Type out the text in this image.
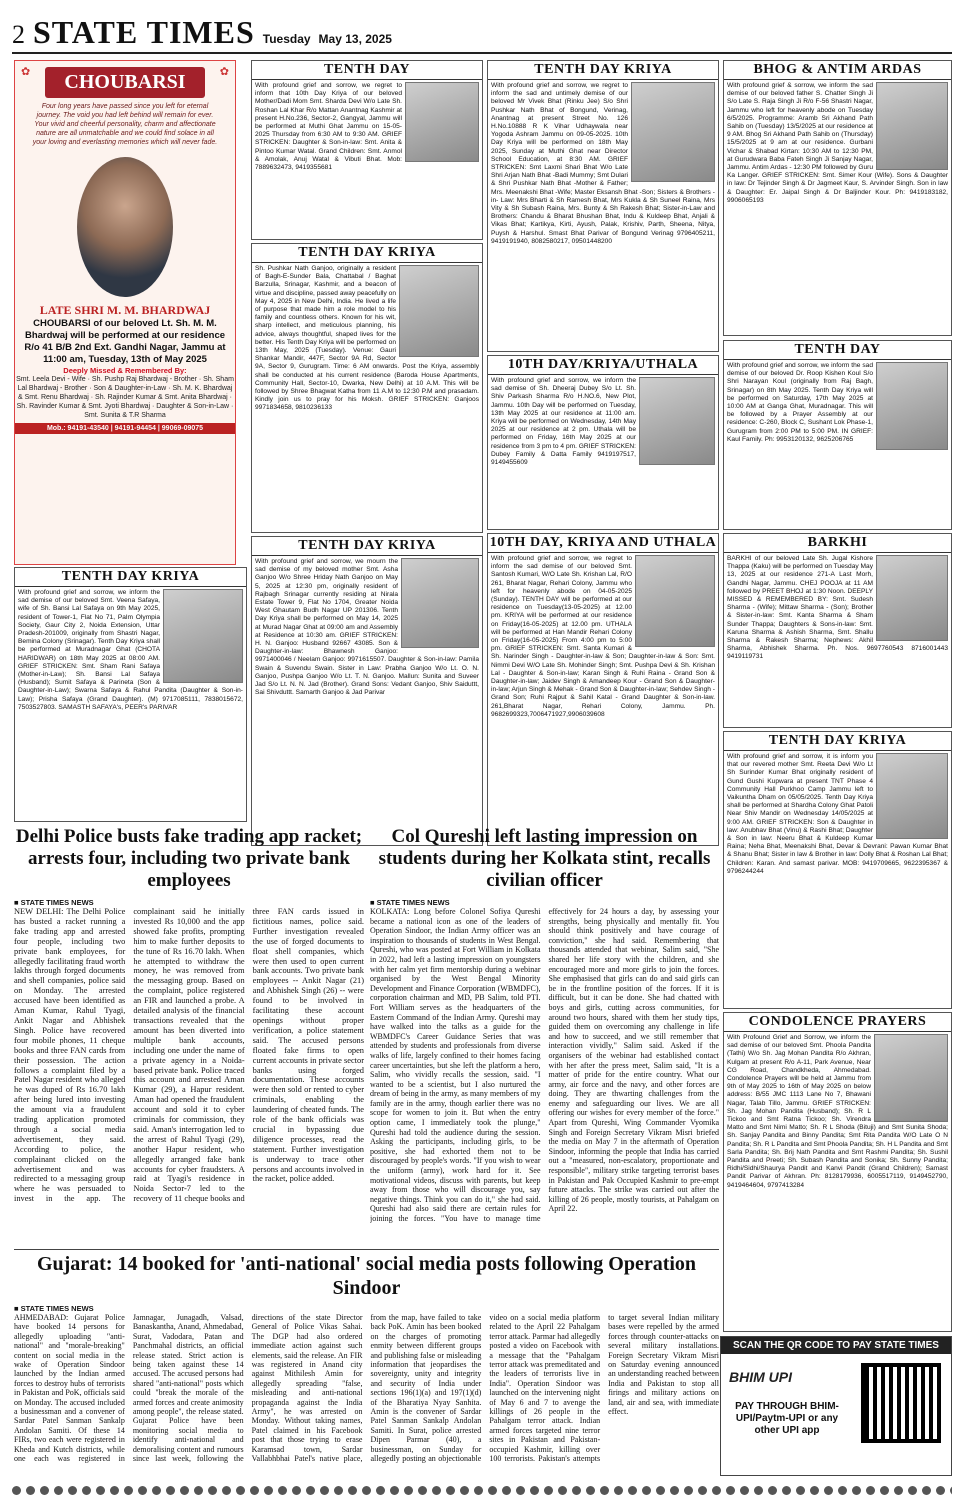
2 STATE TIMES Tuesday May 13, 2025
✿	✿
CHOUBARSI
Four long years have passed since you left for eternal journey. The void you had left behind will remain for ever. Your vivid and cheerful personality, charm and affectionate nature are all unmatchable and we could find solace in all your loving and everlasting memories which will never fade.
LATE SHRI M. M. BHARDWAJ
CHOUBARSI of our beloved Lt. Sh. M. M. Bhardwaj will be performed at our residence R/o 41 B/B 2nd Ext. Gandhi Nagar, Jammu at 11:00 am, Tuesday, 13th of May 2025
Deeply Missed & Remembered By:
Smt. Leela Devi - Wife · Sh. Pushp Raj Bhardwaj - Brother · Sh. Sham Lal Bhardwaj - Brother · Son & Daughter-in-Law · Sh. M. K. Bhardwaj & Smt. Renu Bhardwaj · Sh. Rajinder Kumar & Smt. Anita Bhardwaj · Sh. Ravinder Kumar & Smt. Jyoti Bhardwaj · Daughter & Son-in-Law · Smt. Sunita & T.R Sharma
Mob.: 94191-43540 | 94191-94454 | 99069-09075
TENTH DAY
With profound grief and sorrow, we regret to inform that 10th Day Kriya of our beloved Mother/Dadi Mom Smt. Sharda Devi W/o Late Sh. Roshan Lal Khar R/o Mattan Anantnag Kashmir at present H.No.236, Sector-2, Gangyal, Jammu will be performed at Muthi Ghat Jammu on 15-05-2025 Thursday from 6:30 AM to 9:30 AM. GRIEF STRICKEN: Daughter & Son-in-law: Smt. Anita & Pintoo Kumar Watal. Grand Children: Smt. Anmol & Amolak, Anuj Watal & Vibuti Bhat. Mob: 7889632473, 9419355681
TENTH DAY KRIYA
Sh. Pushkar Nath Ganjoo, originally a resident of Bagh-E-Sunder Bala, Chattabal / Baghat Barzulla, Srinagar, Kashmir, and a beacon of virtue and discipline, passed away peacefully on May 4, 2025 in New Delhi, India. He lived a life of purpose that made him a role model to his family and countless others. Known for his wit, sharp intellect, and meticulous planning, his advice, always thoughtful, shaped lives for the better. His Tenth Day Kriya will be performed on 13th May, 2025 (Tuesday). Venue: Gauri Shankar Mandir, 447F, Sector 9A Rd, Sector 9A, Sector 9, Gurugram. Time: 6 AM onwards. Post the Kriya, assembly shall be conducted at his current residence (Baroda House Apartments, Community Hall, Sector-10, Dwarka, New Delhi) at 10 A.M. This will be followed by Shree Bhagwat Katha from 11 A.M to 12:30 P.M and prasadam. Kindly join us to pray for his Moksh. GRIEF STRICKEN: Ganjoos 9971834658, 9810236133
TENTH DAY KRIYA
With profound grief and sorrow, we mourn the sad demise of my beloved mother Smt. Asha Ganjoo W/o Shree Hriday Nath Ganjoo on May 5, 2025 at 12:30 pm, originally resident of Rajbagh Srinagar currently residing at Nirala Estate Tower 9, Flat No 1704, Greater Noida West Ghautam Budh Nagar UP 201306. Tenth Day Kriya shall be performed on May 14, 2025 at Murad Nagar Ghat at 09:00 am and Assembly at Residence at 10:30 am. GRIEF STRICKEN: H. N. Ganjoo: Husband 92667 43085. Son & Daughter-in-law: Bhawnesh Ganjoo: 9971400046 / Neelam Ganjoo: 9971615507. Daughter & Son-in-law: Pamila Swain & Suvendu Swain. Sister in Law: Prabha Ganjoo W/o Lt. O. N. Ganjoo, Pushpa Ganjoo W/o Lt. T. N. Ganjoo. Mallun: Sunita and Suveer Jad S/o Lt. N. N. Jad (Brother). Grand Sons: Vedant Ganjoo, Shiv Saiduttt, Sai Shivduttt. Samarth Ganjoo & Jad Parivar
TENTH DAY KRIYA
With profound grief and sorrow, we regret to inform the sad and untimely demise of our beloved Mr Vivek Bhat (Rinku Jee) S/o Shri Pushkar Nath Bhat of Bongund, Verinag, Anantnag at present Street No. 126 H.No.10888 R K Vihar Udhaywala near Yogoda Ashram Jammu on 09-05-2025. 10th Day Kriya will be performed on 18th May 2025, Sunday at Muthi Ghat near Director School Education, at 8:30 AM. GRIEF STRICKEN: Smt Laxmi Shari Bhat W/o Late Shri Arjan Nath Bhat -Badi Mummy; Smt Dulari & Shri Pushkar Nath Bhat -Mother & Father; Mrs. Meenakshi Bhat -Wife; Master Eksansh Bhat -Son; Sisters & Brothers -in- Law: Mrs Bharti & Sh Ramesh Bhat, Mrs Kukla & Sh Suneel Raina, Mrs Vity & Sh Subash Raina, Mrs. Bunty & Sh Rakesh Bhat; Sister-in-Law and Brothers: Chandu & Bharat Bhushan Bhat, Indu & Kuldeep Bhat, Anjali & Vikas Bhat; Kartikya, Kirti, Ayush, Palak, Krishiv, Parth, Sheena, Nitya, Puysh & Harshul. Smast Bhat Parivar of Bongund Verinag 9796405211, 9419191940, 8082580217, 09501448200
10TH DAY/KRIYA/UTHALA
With profound grief and sorrow, we inform the sad demise of Sh. Dheeraj Dubey S/o Lt. Sh. Shiv Parkash Sharma R/o H.NO.6, New Plot, Jammu. 10th Day will be performed on Tuesday, 13th May 2025 at our residence at 11:00 am. Kriya will be performed on Wednesday, 14th May 2025 at our residence at 2 pm. Uthala will be performed on Friday, 16th May 2025 at our residence from 3 pm to 4 pm. GRIEF STRICKEN: Dubey Family & Datta Family 9419197517, 9149455609
10TH DAY, KRIYA AND UTHALA
With profound grief and sorrow, we regret to inform the sad demise of our beloved Smt. Santosh Kumari, W/O Late Sh. Krishan Lal, R/O 261, Bharat Nagar, Rehari Colony, Jammu who left for heavenly abode on 04-05-2025 (Sunday). TENTH DAY will be performed at our residence on Tuesday(13-05-2025) at 12.00 pm. KRIYA will be performed at our residence on Friday(16-05-2025) at 12.00 pm. UTHALA will be performed at Han Mandir Rehari Colony on Friday(16-05-2025) From 4:00 pm to 5:00 pm. GRIEF STRICKEN: Smt. Santa Kumari & Sh. Narinder Singh - Daughter-in-law & Son; Daughter-in-law & Son: Smt. Nimmi Devi W/O Late Sh. Mohinder Singh; Smt. Pushpa Devi & Sh. Krishan Lal - Daughter & Son-in-law; Karan Singh & Ruhi Raina - Grand Son & Daughter-in-law; Jaidev Singh & Amandeep Kour - Grand Son & Daughter-in-law; Arjun Singh & Mehak - Grand Son & Daughter-in-law; Sehdev Singh - Grand Son; Ruhi Rajput & Sahil Katal - Grand Daughter & Son-in-law. 261,Bharat Nagar, Rehari Colony, Jammu. Ph. 9682699323,7006471927,9906039608
BHOG & ANTIM ARDAS
With profound grief & sorrow, we inform the sad demise of our beloved father S. Chatter Singh Ji S/o Late S. Raja Singh Ji R/o F-56 Shastri Nagar, Jammu who left for heavenly abode on Tuesday 6/5/2025. Programme: Aramb Sri Akhand Path Sahib on (Tuesday) 13/5/2025 at our residence at 9 AM. Bhog Sri Akhand Path Sahib on (Thursday) 15/5/2025 at 9 am at our residence. Gurbani Vichar & Shabad Kirtan: 10:30 AM to 12:30 PM, at Gurudwara Baba Fateh Singh Ji Sanjay Nagar, Jammu. Antim Ardas - 12:30 PM followed by Guru Ka Langer. GRIEF STRICKEN: Smt. Simer Kour (Wife). Sons & Daughter in law: Dr Tejinder Singh & Dr Jagmeet Kaur, S. Arvinder Singh. Son in law & Daughter: Er. Jaipal Singh & Dr Baljinder Kour. Ph: 9419183182, 9906065193
TENTH DAY
With profound grief and sorrow, we inform the sad demise of our beloved Dr. Roop Kishen Koul S/o Shri Narayan Koul (originally from Raj Bagh, Srinagar) on 8th May 2025. Tenth Day Kriya will be performed on Saturday, 17th May 2025 at 10:00 AM at Ganga Ghat, Muradnagar. This will be followed by a Prayer Assembly at our residence: C-260, Block C, Sushant Lok Phase-1, Gurugram from 2:00 PM to 5:00 PM. IN GRIEF: Kaul Family. Ph: 9953120132, 9625206765
BARKHI
BARKHI of our beloved Late Sh. Jugal Kishore Thappa (Kaku) will be performed on Tuesday May 13, 2025 at our residence 271-A Last Morh, Gandhi Nagar, Jammu. CHEJ POOJA at 11 AM followed by PREET BHOJ at 1:30 Noon. DEEPLY MISSED & REMEMBERED BY: Smt. Sudesh Sharma - (Wife); Mittaw Sharma - (Son); Brother & Sister-in-law: Smt. Kanta Sharma & Sham Sunder Thappa; Daughters & Sons-in-law: Smt. Karuna Sharma & Ashish Sharma, Smt. Shallu Sharma & Rakesh Sharma; Nephews: Akhil Sharma, Abhishek Sharma. Ph. Nos. 9697760543 8716001443 9419119731
TENTH DAY KRIYA
With profound grief and sorrow, it is inform you that our revered mother Smt. Reeta Devi W/o Lt Sh Surinder Kumar Bhat originally resident of Gund Gushi Kupwara at present TNT Phase 4 Community Hall Purkhoo Camp Jammu left to Vaikuntha Dham on 05/05/2025. Tenth Day Kriya shall be performed at Shardha Colony Ghat Patoli Near Shiv Mandir on Wednesday 14/05/2025 at 9:00 AM. GRIEF STRICKEN: Son & Daughter in law: Anubhav Bhat (Vinu) & Rashi Bhat; Daughter & Son in law: Neeru Bhat & Kuldeep Kumar Raina; Neha Bhat, Meenakshi Bhat, Devar & Devrani: Pawan Kumar Bhat & Shanu Bhat; Sister in law & Brother in law: Dolly Bhat & Roshan Lal Bhat; Children: Karan. And samast parivar. MOB: 9419709665, 9622395367 & 9796244244
CONDOLENCE PRAYERS
With Profound Grief and Sorrow, we inform the sad demise of our beloved Smt. Phoola Pandita (Tathi) W/o Sh. Jag Mohan Pandita R/o Akhran, Kulgam at present R/o A-11, Park Avenue, Near CG Road, Chandkheda, Ahmedabad. Condolence Prayers will be held at Jammu from 9th of May 2025 to 16th of May 2025 on below address: B/55 JMC 1113 Lane No 7, Bhawani Nagar, Talab Tillo, Jammu. GRIEF STRICKEN: Sh. Jag Mohan Pandita (Husband); Sh. R L Tickoo and Smt Ratna Tickoo; Sh. Virendra Matto and Smt Nimi Matto; Sh. R L Shoda (Bituji) and Smt Sunita Shoda; Sh. Sanjay Pandita and Binny Pandita; Smt Rita Pandita W/O Late O N Pandita; Sh. R L Pandita and Smt Phoola Pandita; Sh. H L Pandita and Smt Sarla Pandita; Sh. Brij Nath Pandita and Smt Rashmi Pandita; Sh. Sushil Pandita and Preeti; Sh. Subash Pandita and Sonika; Sh. Sunny Pandita; Ridhi/Sidhi/Shaurya Pandit and Kanvi Pandit (Grand Children); Samast Pandit Parivar of Akhran. Ph: 8128179936, 6005517119, 9149452790, 9419464604, 9797413284
TENTH DAY KRIYA
With profound grief and sorrow, we inform the sad demise of our beloved Smt. Veena Safaya, wife of Sh. Bansi Lal Safaya on 9th May 2025, resident of Tower-1, Flat No 71, Palm Olympia Society, Gaur City 2, Noida Extension, Uttar Pradesh-201009, originally from Shastri Nagar, Bemina Colony (Srinagar). Tenth Day Kriya shall be performed at Muradnagar Ghat (CHOTA HARIDWAR) on 18th May 2025 at 08:00 AM. GRIEF STRICKEN: Smt. Sham Rani Safaya (Mother-in-Law); Sh. Bansi Lal Safaya (Husband); Sumit Safaya & Parineta (Son & Daughter-in-Law); Swarna Safaya & Rahul Pandita (Daughter & Son-in-Law); Prisha Safaya (Grand Daughter). (M) 9717085111, 7838015672, 7503527803. SAMASTH SAFAYA's, PEER's PARIVAR
Delhi Police busts fake trading app racket; arrests four, including two private bank employees
■ STATE TIMES NEWS
NEW DELHI: The Delhi Police has busted a racket running a fake trading app and arrested four people, including two private bank employees, for allegedly facilitating fraud worth lakhs through forged documents and shell companies, police said on Monday. The arrested accused have been identified as Aman Kumar, Rahul Tyagi, Ankit Nagar and Abhishek Singh. Police have recovered four mobile phones, 11 cheque books and three FAN cards from their possession. The action follows a complaint filed by a Patel Nagar resident who alleged he was duped of Rs 16.70 lakh after being lured into investing the amount via a fraudulent trading application promoted through a social media advertisement, they said. According to police, the complainant clicked on the advertisement and was redirected to a messaging group where he was persuaded to invest in the app. The complainant said he initially invested Rs 10,000 and the app showed fake profits, prompting him to make further deposits to the tune of Rs 16.70 lakh. When he attempted to withdraw the money, he was removed from the messaging group. Based on the complaint, police registered an FIR and launched a probe. A detailed analysis of the financial transactions revealed that the amount has been diverted into multiple bank accounts, including one under the name of a private agency in a Noida-based private bank. Police traced this account and arrested Aman Kumar (29), a Hapur resident. Aman had opened the fraudulent account and sold it to cyber criminals for commission, they said. Aman's interrogation led to the arrest of Rahul Tyagi (29), another Hapur resident, who allegedly arranged fake bank accounts for cyber fraudsters. A raid at Tyagi's residence in Noida Sector-7 led to the recovery of 11 cheque books and three FAN cards issued in fictitious names, police said. Further investigation revealed the use of forged documents to float shell companies, which were then used to open current bank accounts. Two private bank employees -- Ankit Nagar (21) and Abhishek Singh (26) -- were found to be involved in facilitating these account openings without proper verification, a police statement said. The accused persons floated fake firms to open current accounts in private sector banks using forged documentation. These accounts were then sold or rented to cyber criminals, enabling the laundering of cheated funds. The role of the bank officials was crucial in bypassing due diligence processes, read the statement. Further investigation is underway to trace other persons and accounts involved in the racket, police added.
Col Qureshi left lasting impression on students during her Kolkata stint, recalls civilian officer
■ STATE TIMES NEWS
KOLKATA: Long before Colonel Sofiya Qureshi became a national icon as one of the leaders of Operation Sindoor, the Indian Army officer was an inspiration to thousands of students in West Bengal. Qureshi, who was posted at Fort William in Kolkata in 2022, had left a lasting impression on youngsters with her calm yet firm mentorship during a webinar organised by the West Bengal Minority Development and Finance Corporation (WBMDFC), corporation chairman and MD, PB Salim, told PTI. Fort William serves as the headquarters of the Eastern Command of the Indian Army. Qureshi may have walked into the talks as a guide for the WBMDFC's Career Guidance Series that was attended by students and professionals from diverse walks of life, largely confined to their homes facing career uncertainties, but she left the platform a hero, Salim, who vividly recalls the session, said. "I wanted to be a scientist, but I also nurtured the dream of being in the army, as many members of my family are in the army, though earlier there was no scope for women to join it. But when the entry option came, I immediately took the plunge," Qureshi had told the audience during the session. Asking the participants, including girls, to be positive, she had exhorted them not to be discouraged by people's words. "If you wish to wear the uniform (army), work hard for it. See motivational videos, discuss with parents, but keep away from those who will discourage you, say negative things. Think you can do it," she had said. Qureshi had also said there are certain rules for joining the forces. "You have to manage time effectively for 24 hours a day, by assessing your strengths, being physically and mentally fit. You should think positively and have courage of conviction," she had said. Remembering that thousands attended that webinar, Salim said, "She shared her life story with the children, and she encouraged more and more girls to join the forces. She emphasised that girls can do and said girls can be in the frontline position of the forces. If it is difficult, but it can be done. She had chatted with boys and girls, cutting across communities, for around two hours, shared with them her study tips, guided them on overcoming any challenge in life and how to succeed, and we still remember that interaction vividly," Salim said. Asked if the organisers of the webinar had established contact with her after the press meet, Salim said, "It is a matter of pride for the entire country. What our army, air force and the navy, and other forces are doing. They are thwarting challenges from the enemy and safeguarding our lives. We are all offering our wishes for every member of the force." Apart from Qureshi, Wing Commander Vyomika Singh and Foreign Secretary Vikram Misri briefed the media on May 7 in the aftermath of Operation Sindoor, informing the people that India has carried out a "measured, non-escalatory, proportionate and responsible", military strike targeting terrorist bases in Pakistan and Pak Occupied Kashmir to pre-empt future attacks. The strike was carried out after the killing of 26 people, mostly tourists, at Pahalgam on April 22.
Gujarat: 14 booked for 'anti-national' social media posts following Operation Sindoor
■ STATE TIMES NEWS
AHMEDABAD: Gujarat Police have booked 14 persons for allegedly uploading "anti-national" and "morale-breaking" content on social media in the wake of Operation Sindoor launched by the Indian armed forces to destroy hubs of terrorists in Pakistan and PoK, officials said on Monday. The accused included a businessman and a convener of Sardar Patel Sanman Sankalp Andolan Samiti. Of these 14 FIRs, two each were registered in Kheda and Kutch districts, while one each was registered in Jamnagar, Junagadh, Valsad, Banaskantha, Anand, Ahmedabad, Surat, Vadodara, Patan and Panchmahal districts, an official release stated. Strict action is being taken against these 14 accused. The accused persons had shared "anti-national" posts which could "break the morale of the armed forces and create animosity among people", the release stated. Gujarat Police have been monitoring social media to identify anti-national and demoralising content and rumours since last week, following the directions of the state Director General of Police Vikas Sahai. The DGP had also ordered immediate action against such elements, said the release. An FIR was registered in Anand city against Mithilesh Amin for allegedly spreading "false, misleading and anti-national propaganda against the India Army", he was arrested on Monday. Without taking names, Patel claimed in his Facebook post that those trying to erase Karamsad town, Sardar Vallabhbhai Patel's native place, from the map, have failed to take back PoK. Amin has been booked on the charges of promoting enmity between different groups and publishing false or misleading information that jeopardises the sovereignty, unity and integrity and security of India under sections 196(1)(a) and 197(1)(d) of the Bharatiya Nyay Sanhita. Amin is the convener of Sardar Patel Sanman Sankalp Andolan Samiti. In Surat, police arrested Dipen Parmar (40), a businessman, on Sunday for allegedly posting an objectionable video on a social media platform related to the April 22 Pahalgam terror attack. Parmar had allegedly posted a video on Facebook with a message that the "Pahalgam terror attack was premeditated and the leaders of terrorists live in India". Operation Sindoor was launched on the intervening night of May 6 and 7 to avenge the killings of 26 people in the Pahalgam terror attack. Indian armed forces targeted nine terror sites in Pakistan and Pakistan-occupied Kashmir, killing over 100 terrorists. Pakistan's attempts to target several Indian military bases were repelled by the armed forces through counter-attacks on several military installations. Foreign Secretary Vikram Misri on Saturday evening announced an understanding reached between India and Pakistan to stop all firings and military actions on land, air and sea, with immediate effect.
SCAN THE QR CODE TO PAY STATE TIMES
BHIM UPI
PAY THROUGH BHIM-UPI/Paytm-UPI or any other UPI app
